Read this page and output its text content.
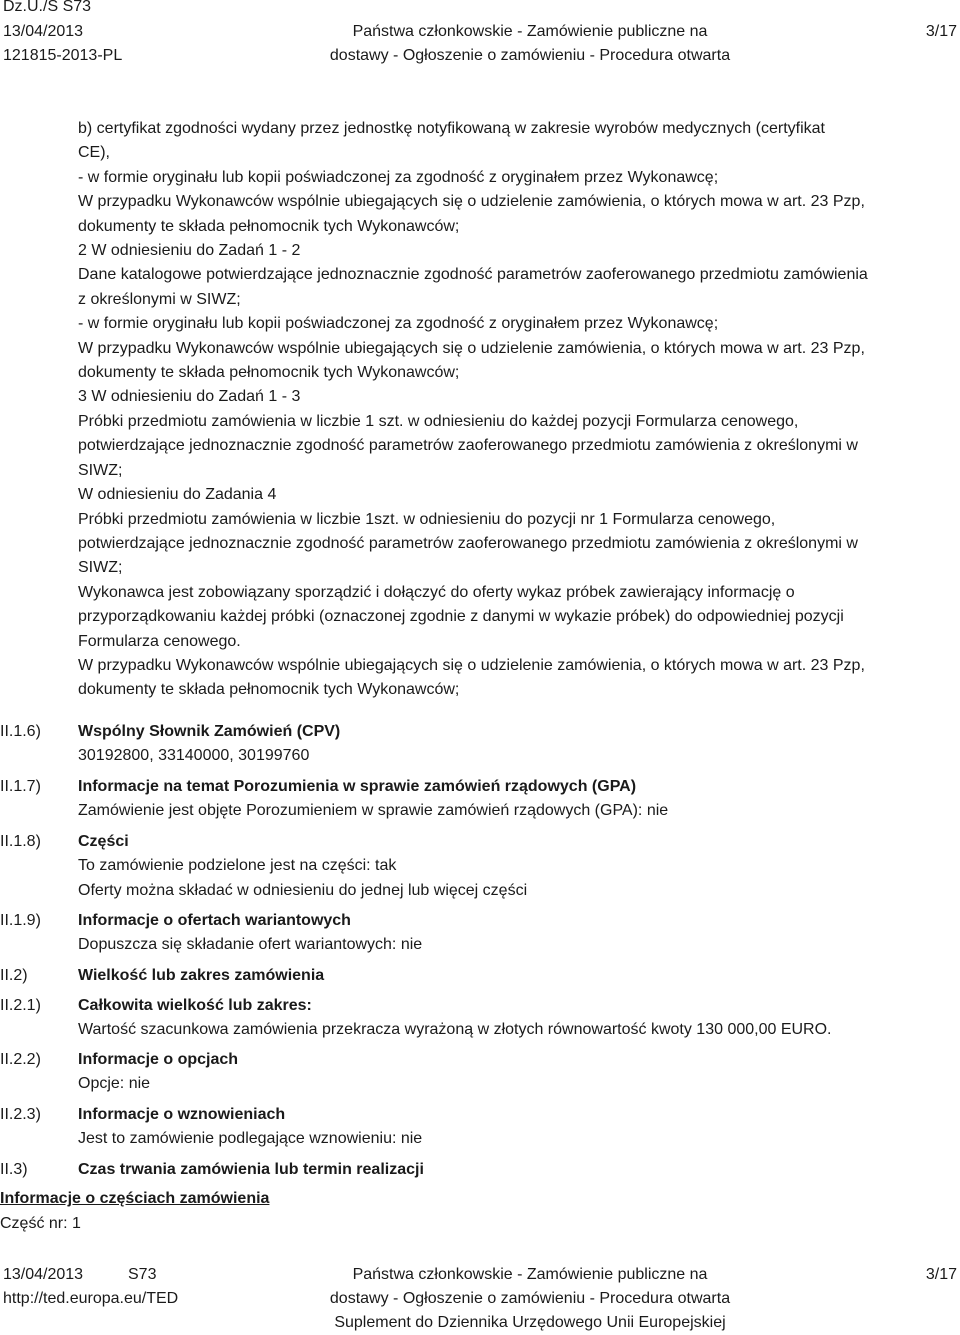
Dz.U./S S73
13/04/2013
121815-2013-PL
Państwa członkowskie - Zamówienie publiczne na
dostawy - Ogłoszenie o zamówieniu - Procedura otwarta
3/17

b) certyfikat zgodności wydany przez jednostkę notyfikowaną w zakresie wyrobów medycznych (certyfikat

CE),

- w formie oryginału lub kopii poświadczonej za zgodność z oryginałem przez Wykonawcę;

W przypadku Wykonawców wspólnie ubiegających się o udzielenie zamówienia, o których mowa w art. 23 Pzp,

dokumenty te składa pełnomocnik tych Wykonawców;

2 W odniesieniu do Zadań 1 - 2

Dane katalogowe potwierdzające jednoznacznie zgodność parametrów zaoferowanego przedmiotu zamówienia

z określonymi w SIWZ;

- w formie oryginału lub kopii poświadczonej za zgodność z oryginałem przez Wykonawcę;

W przypadku Wykonawców wspólnie ubiegających się o udzielenie zamówienia, o których mowa w art. 23 Pzp,

dokumenty te składa pełnomocnik tych Wykonawców;

3 W odniesieniu do Zadań 1 - 3

Próbki przedmiotu zamówienia w liczbie 1 szt. w odniesieniu do każdej pozycji Formularza cenowego,

potwierdzające jednoznacznie zgodność parametrów zaoferowanego przedmiotu zamówienia z określonymi w

SIWZ;

W odniesieniu do Zadania 4

Próbki przedmiotu zamówienia w liczbie 1szt. w odniesieniu do pozycji nr 1 Formularza cenowego,

potwierdzające jednoznacznie zgodność parametrów zaoferowanego przedmiotu zamówienia z określonymi w

SIWZ;

Wykonawca jest zobowiązany sporządzić i dołączyć do oferty wykaz próbek zawierający informację o

przyporządkowaniu każdej próbki (oznaczonej zgodnie z danymi w wykazie próbek) do odpowiedniej pozycji

Formularza cenowego.

W przypadku Wykonawców wspólnie ubiegających się o udzielenie zamówienia, o których mowa w art. 23 Pzp,

dokumenty te składa pełnomocnik tych Wykonawców;

II.1.6)	Wspólny Słownik Zamówień (CPV)
30192800, 33140000, 30199760
II.1.7)	Informacje na temat Porozumienia w sprawie zamówień rządowych (GPA)
Zamówienie jest objęte Porozumieniem w sprawie zamówień rządowych (GPA): nie
II.1.8)	Części
To zamówienie podzielone jest na części: tak
Oferty można składać w odniesieniu do jednej lub więcej części
II.1.9)	Informacje o ofertach wariantowych
Dopuszcza się składanie ofert wariantowych: nie
II.2)	Wielkość lub zakres zamówienia
II.2.1)	Całkowita wielkość lub zakres:
Wartość szacunkowa zamówienia przekracza wyrażoną w złotych równowartość kwoty 130 000,00 EURO.
II.2.2)	Informacje o opcjach
Opcje: nie
II.2.3)	Informacje o wznowieniach
Jest to zamówienie podlegające wznowieniu: nie
II.3)	Czas trwania zamówienia lub termin realizacji
Informacje o częściach zamówienia
Część nr: 1
13/04/2013	S73
http://ted.europa.eu/TED
Państwa członkowskie - Zamówienie publiczne na
dostawy - Ogłoszenie o zamówieniu - Procedura otwarta
Suplement do Dziennika Urzędowego Unii Europejskiej
3/17
